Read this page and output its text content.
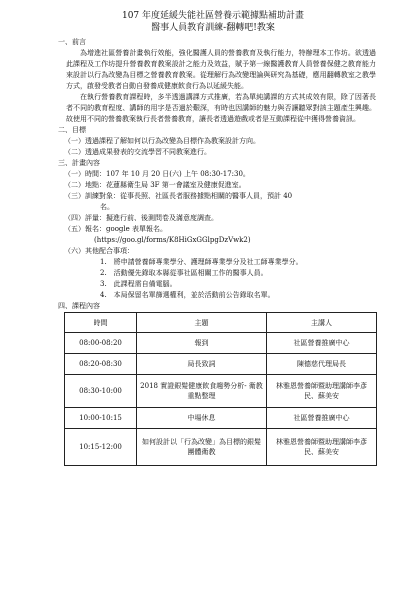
107 年度延緩失能社區營養示範據點補助計畫

醫事人員教育訓練-翻轉吧!教案

一、前言

為增進社區營養計畫執行效能，強化醫護人員的營養教育及執行能力，特辦理本工作坊。欲透過此課程及工作坊提升營養教育教案設計之能力及效益，賦予第一線醫護教育人員營養保健之教育能力來設計以行為改變為目標之營養教育教案。從理解行為改變理論與研究為基礎，應用翻轉教室之教學方式，啟發受教者自動自發養成健康飲食行為以延緩失能。

在執行營養教育課程時，多半透過講課方式推廣，若為單純講課的方式其成效有限，除了因著長者不同的教育程度、講師的用字是否過於艱深，有時也因講師的魅力與否讓聽眾對該主題產生興趣。故使用不同的營養教案執行長者營養教育，讓長者透過遊戲或者是互動課程從中獲得營養資訊。

二、目標

（一）透過課程了解如何以行為改變為目標作為教案設計方向。

（二）透過成果發表的交流學習不同教案進行。

三、計畫內容

（一）時間：107 年 10 月 20 日(六) 上午 08:30-17:30。

（二）地點：花蓮縣衛生局 3F 第一會議室及健康促進室。

（三）訓練對象：從事長照、社區長者服務據點相關的醫事人員，預計 40

名。

（四）評量：擬進行前、後測問卷及滿意度調查。

（五）報名：google 表單報名。

(https://goo.gl/forms/K8HiGxGGlpgDzVwk2)

（六）其他配合事項：

1.　將申請營養師專業學分、護理師專業學分及社工師專業學分。

2.　活動優先錄取本縣從事社區相關工作的醫事人員。

3.　此課程需自備電腦。

4.　本局保留名單篩選權利，並於活動前公告錄取名單。

四、課程內容

時間	主題	主講人
08:00-08:20	報到	社區營養推廣中心
08:20-08:30	局長致詞	陳德慈代理局長
08:30-10:00	2018 實證銀髮健康飲食趨勢分析- 衛教重點整理	林雅恩營養師暨助理講師李彥民、蘇美安
10:00-10:15	中場休息	社區營養推廣中心
10:15-12:00	如何設計以「行為改變」為目標的銀髮團體衛教	林雅恩營養師暨助理講師李彥民、蘇美安
